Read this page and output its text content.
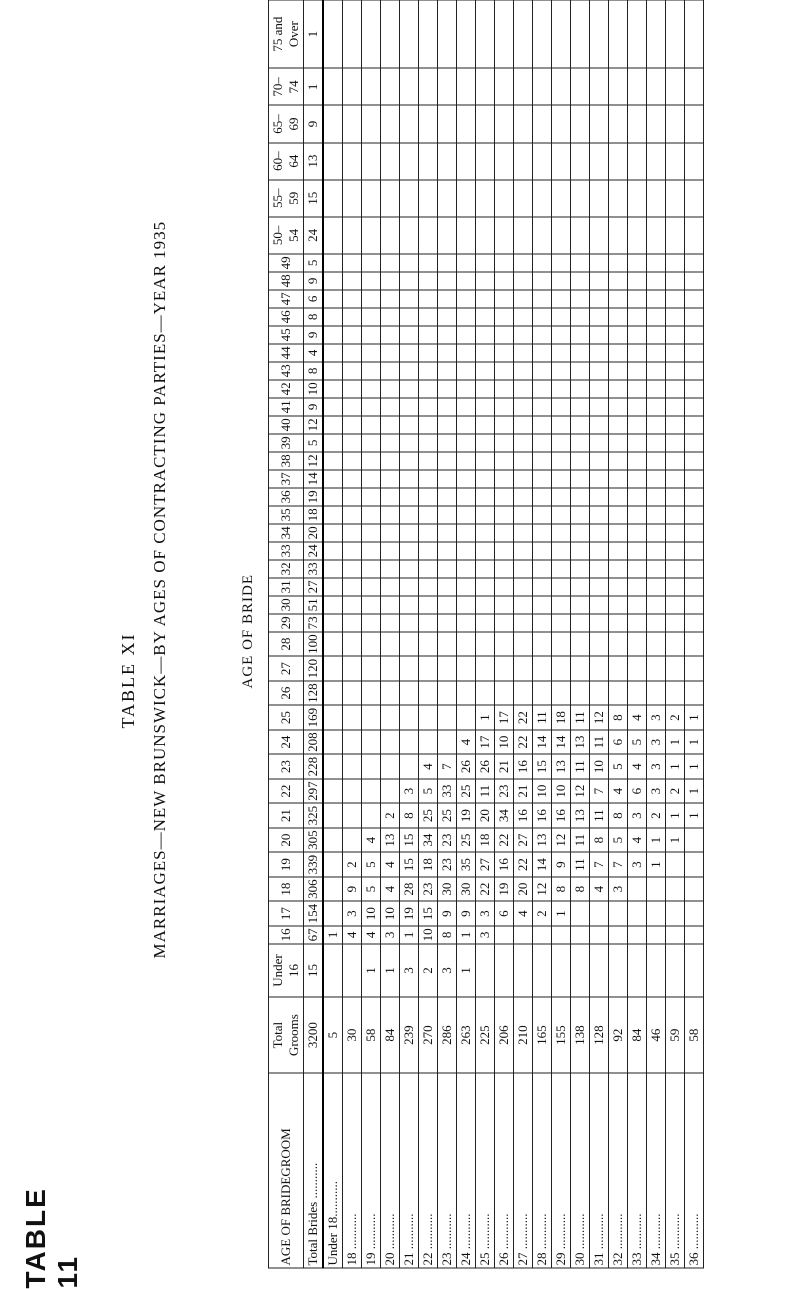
TABLE 11
TABLE XI MARRIAGES—NEW BRUNSWICK—BY AGES OF CONTRACTING PARTIES—YEAR 1935	AGE OF BRIDE
AGE OF BRIDEGROOM	Total Grooms	Under 16	16	17	18	19	20	21	22	23	24	25	26	27	28	29	30	31	32	33	34	35	36	37	38	39	40	41	42	43	44	45	46	47	48	49	50–54	55–59	60–64	65–69	70–74	75 and Over
Total Brides ...........	3200	15	67	154	306	339	305	325	297	228	208	169	128	120	100	73	51	27	33	24	20	18	19	14	12	5	12	9	10	8	4	9	8	6	9	5	24	15	13	9	1	1
Under 18...........	5		1																																							
18 ...........	30		4	3	9	2																																				
19 ...........	58	1	4	10	5	5	4																																			
20 ...........	84	1	3	10	4	4	13	2																																		
21 ...........	239	3	1	19	28	15	15	8	3																																	
22 ...........	270	2	10	15	23	18	34	25	5	4																																
23 ...........	286	3	8	9	30	23	23	25	33	7																																
24 ...........	263	1	1	9	30	35	25	19	25	26	4																															
25 ...........	225		3	3	22	27	18	20	11	26	17	1																														
26 ...........	206			6	19	16	22	34	23	21	10	17																														
27 ...........	210			4	20	22	27	16	21	16	22	22																														
28 ...........	165			2	12	14	13	16	10	15	14	11																														
29 ...........	155			1	8	9	12	16	10	13	14	18																														
30 ...........	138				8	11	11	13	12	11	13	11																														
31 ...........	128				4	7	8	11	7	10	11	12																														
32 ...........	92				3	7	5	8	4	5	6	8																														
33 ...........	84					3	4	3	6	4	5	4																														
34 ...........	46					1	1	2	3	3	3	3																														
35 ...........	59						1	1	2	1	1	2																														
36 ...........	58							1	1	1	1	1																														
